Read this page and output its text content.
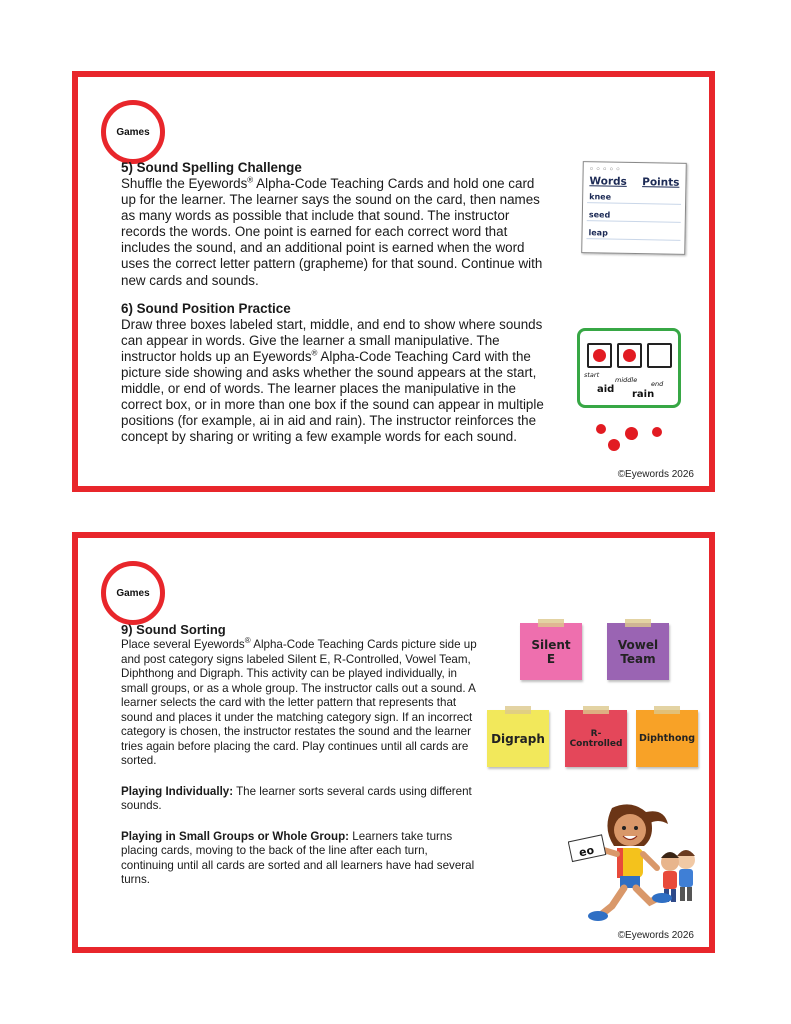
Games
5) Sound Spelling Challenge

Shuffle the Eyewords® Alpha-Code Teaching Cards and hold one card up for the learner. The learner says the sound on the card, then names as many words as possible that include that sound. The instructor records the words. One point is earned for each correct word that includes the sound, and an additional point is earned when the word uses the correct letter pattern (grapheme) for that sound. Continue with new cards and sounds.

6) Sound Position Practice

Draw three boxes labeled start, middle, and end to show where sounds can appear in words. Give the learner a small manipulative. The instructor holds up an Eyewords® Alpha-Code Teaching Card with the picture side showing and asks whether the sound appears at the start, middle, or end of words. The learner places the manipulative in the correct box, or in more than one box if the sound can appear in multiple positions (for example, ai in aid and rain). The instructor reinforces the concept by sharing or writing a few example words for each sound.

○○○○○
Words Points
knee
seed
leap
start
middle end
aid rain
©Eyewords 2026
Games
9) Sound Sorting

Place several Eyewords® Alpha-Code Teaching Cards picture side up and post category signs labeled Silent E, R-Controlled, Vowel Team, Diphthong and Digraph. This activity can be played individually, in small groups, or as a whole group. The instructor calls out a sound. A learner selects the card with the letter pattern that represents that sound and places it under the matching category sign. If an incorrect category is chosen, the instructor restates the sound and the learner tries again before placing the card. Play continues until all cards are sorted.

Playing Individually: The learner sorts several cards using different sounds.

Playing in Small Groups or Whole Group: Learners take turns placing cards, moving to the back of the line after each turn, continuing until all cards are sorted and all learners have had several turns.

Silent E
Vowel Team
Digraph	R-Controlled Diphthong
eo
©Eyewords 2026
